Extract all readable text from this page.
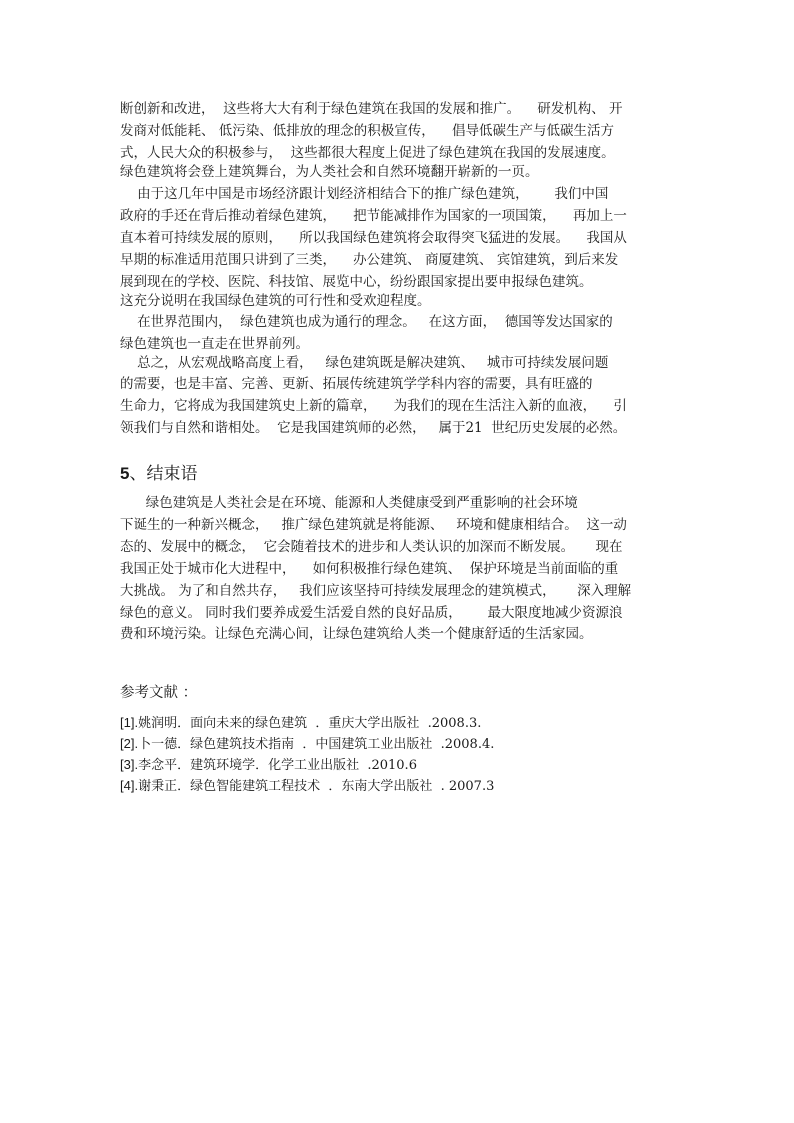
断创新和改进，  这些将大大有利于绿色建筑在我国的发展和推广。    研发机构、 开
发商对低能耗、 低污染、低排放的理念的积极宣传，    倡导低碳生产与低碳生活方
式，人民大众的积极参与，  这些都很大程度上促进了绿色建筑在我国的发展速度。
绿色建筑将会登上建筑舞台，为人类社会和自然环境翻开崭新的一页。
由于这几年中国是市场经济跟计划经济相结合下的推广绿色建筑，      我们中国
政府的手还在背后推动着绿色建筑，    把节能减排作为国家的一项国策，    再加上一
直本着可持续发展的原则，    所以我国绿色建筑将会取得突飞猛进的发展。    我国从
早期的标准适用范围只讲到了三类，    办公建筑、 商厦建筑、 宾馆建筑，到后来发
展到现在的学校、医院、科技馆、展览中心，纷纷跟国家提出要申报绿色建筑。
这充分说明在我国绿色建筑的可行性和受欢迎程度。
在世界范围内，  绿色建筑也成为通行的理念。   在这方面，  德国等发达国家的
绿色建筑也一直走在世界前列。
总之，从宏观战略高度上看，   绿色建筑既是解决建筑、   城市可持续发展问题
的需要，也是丰富、完善、更新、拓展传统建筑学学科内容的需要，具有旺盛的
生命力，它将成为我国建筑史上新的篇章，    为我们的现在生活注入新的血液，    引
领我们与自然和谐相处。  它是我国建筑师的必然，   属于21  世纪历史发展的必然。
5、结束语
绿色建筑是人类社会是在环境、能源和人类健康受到严重影响的社会环境
下诞生的一种新兴概念，   推广绿色建筑就是将能源、   环境和健康相结合。  这一动
态的、发展中的概念，  它会随着技术的进步和人类认识的加深而不断发展。     现在
我国正处于城市化大进程中，    如何积极推行绿色建筑、  保护环境是当前面临的重
大挑战。 为了和自然共存，   我们应该坚持可持续发展理念的建筑模式，     深入理解
绿色的意义。 同时我们要养成爱生活爱自然的良好品质，      最大限度地减少资源浪
费和环境污染。让绿色充满心间，让绿色建筑给人类一个健康舒适的生活家园。
参考文献 ：
[1].姚润明．面向未来的绿色建筑  ．重庆大学出版社  .2008.3.
[2].卜一德．绿色建筑技术指南  ．中国建筑工业出版社  .2008.4.
[3].李念平．建筑环境学．化学工业出版社  .2010.6
[4].谢秉正．绿色智能建筑工程技术  ．东南大学出版社  . 2007.3
